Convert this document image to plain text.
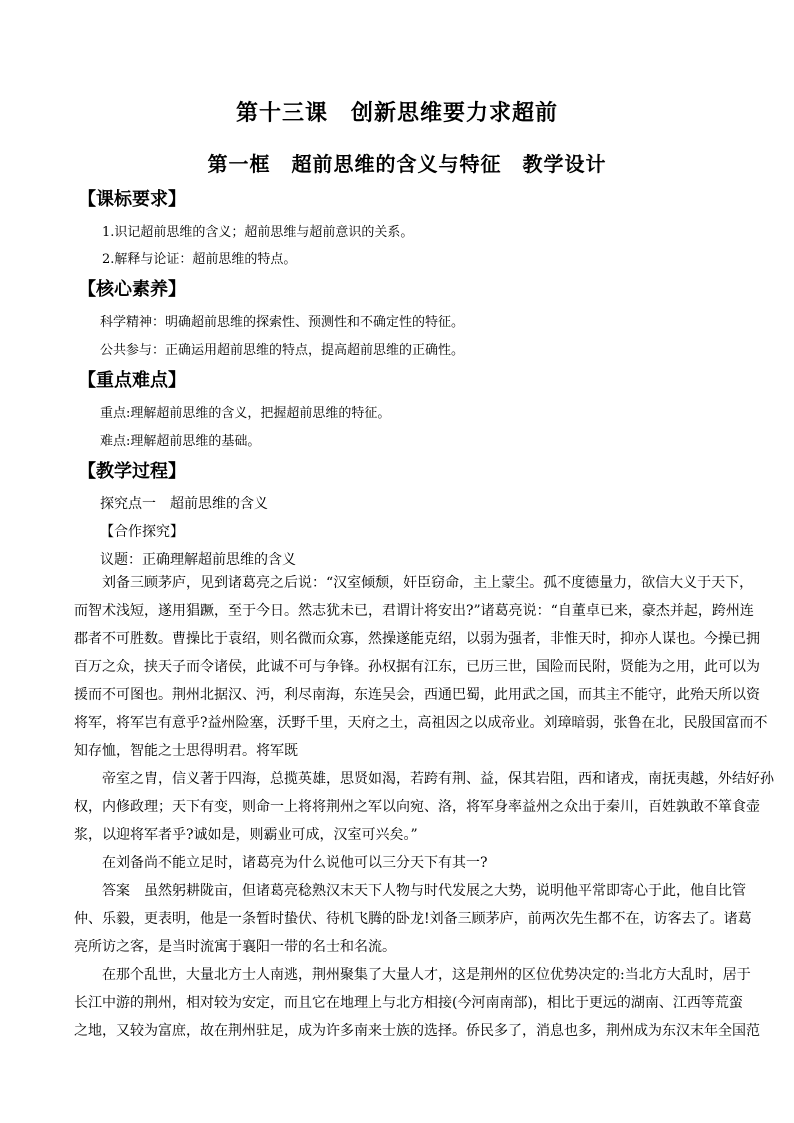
第十三课　创新思维要力求超前
第一框　超前思维的含义与特征　教学设计
【课标要求】
1.识记超前思维的含义；超前思维与超前意识的关系。
2.解释与论证：超前思维的特点。
【核心素养】
科学精神：明确超前思维的探索性、预测性和不确定性的特征。
公共参与：正确运用超前思维的特点，提高超前思维的正确性。
【重点难点】
重点:理解超前思维的含义，把握超前思维的特征。
难点:理解超前思维的基础。
【教学过程】
探究点一　超前思维的含义
【合作探究】
议题：正确理解超前思维的含义

刘备三顾茅庐，见到诸葛亮之后说：“汉室倾颓，奸臣窃命，主上蒙尘。孤不度德量力，欲信大义于天下，

而智术浅短，遂用猖蹶，至于今日。然志犹未已，君谓计将安出?”诸葛亮说：“自董卓已来，豪杰并起，跨州连

郡者不可胜数。曹操比于袁绍，则名微而众寡，然操遂能克绍，以弱为强者，非惟天时，抑亦人谋也。今操已拥

百万之众，挟天子而令诸侯，此诚不可与争锋。孙权据有江东，已历三世，国险而民附，贤能为之用，此可以为

援而不可图也。荆州北据汉、沔，利尽南海，东连吴会，西通巴蜀，此用武之国，而其主不能守，此殆天所以资

将军，将军岂有意乎?益州险塞，沃野千里，天府之土，高祖因之以成帝业。刘璋暗弱，张鲁在北，民殷国富而不

知存恤，智能之士思得明君。将军既

帝室之胄，信义著于四海，总揽英雄，思贤如渴，若跨有荆、益，保其岩阻，西和诸戎，南抚夷越，外结好孙

权，内修政理；天下有变，则命一上将将荆州之军以向宛、洛，将军身率益州之众出于秦川，百姓孰敢不箪食壶

浆，以迎将军者乎?诚如是，则霸业可成，汉室可兴矣。”

在刘备尚不能立足时，诸葛亮为什么说他可以三分天下有其一?

答案　虽然躬耕陇亩，但诸葛亮稔熟汉末天下人物与时代发展之大势，说明他平常即寄心于此，他自比管

仲、乐毅，更表明，他是一条暂时蛰伏、待机飞腾的卧龙!刘备三顾茅庐，前两次先生都不在，访客去了。诸葛

亮所访之客，是当时流寓于襄阳一带的名士和名流。

在那个乱世，大量北方士人南逃，荆州聚集了大量人才，这是荆州的区位优势决定的:当北方大乱时，居于

长江中游的荆州，相对较为安定，而且它在地理上与北方相接(今河南南部)，相比于更远的湖南、江西等荒蛮

之地，又较为富庶，故在荆州驻足，成为许多南来士族的选择。侨民多了，消息也多，荆州成为东汉末年全国范
